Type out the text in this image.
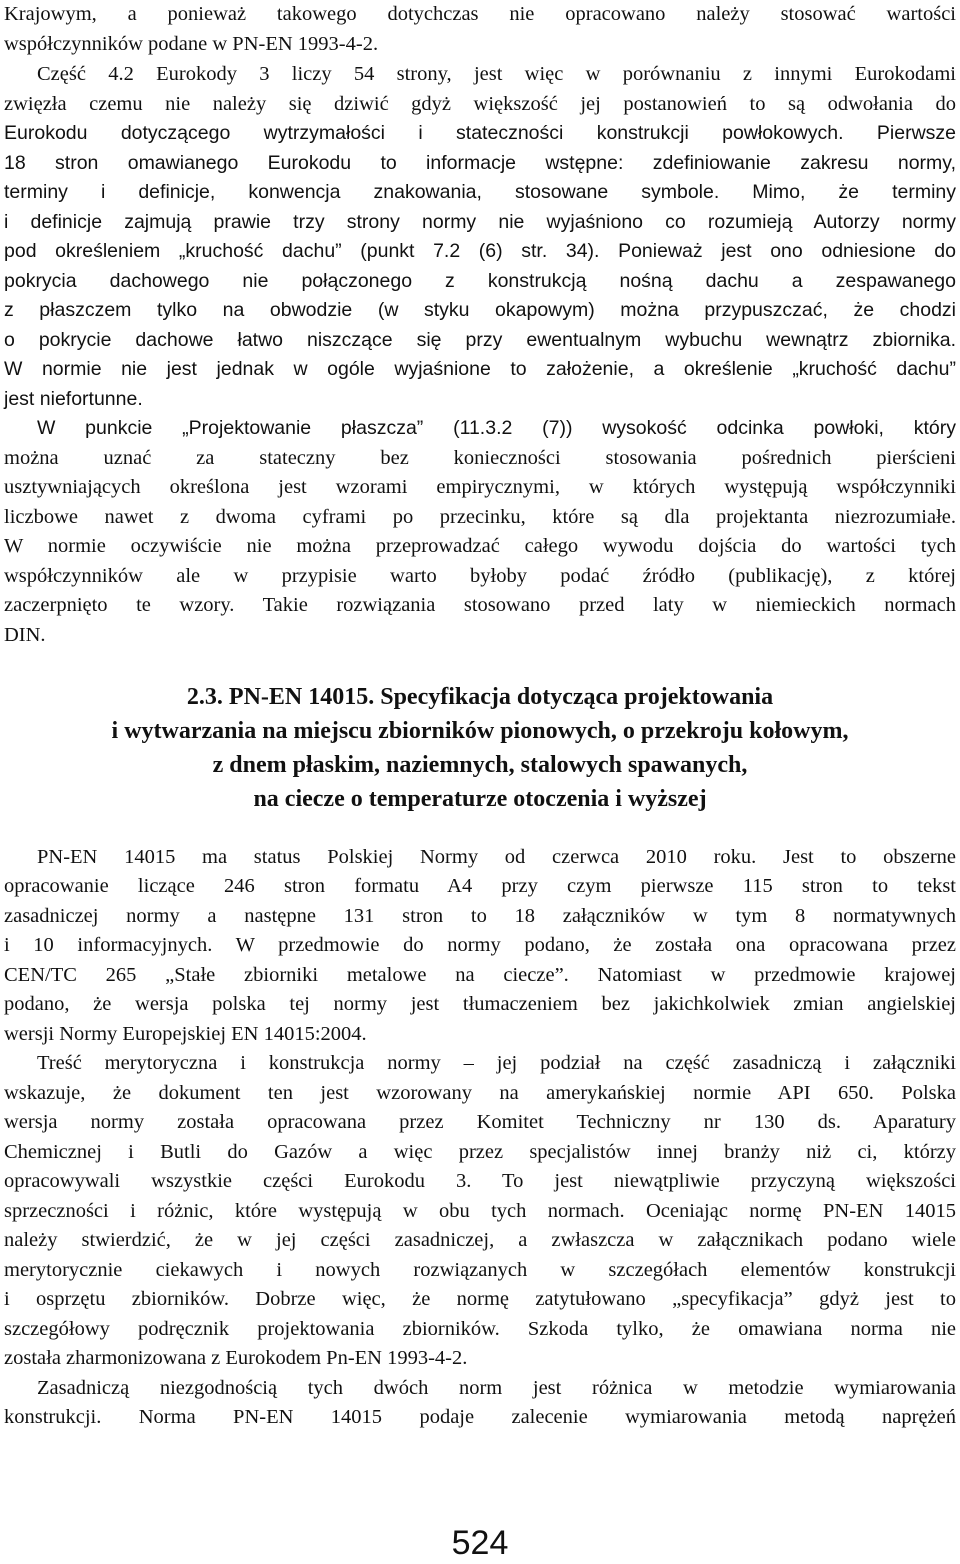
Krajowym, a ponieważ takowego dotychczas nie opracowano należy stosować wartości

współczynników podane w PN-EN 1993-4-2.

Część 4.2 Eurokody 3 liczy 54 strony, jest więc w porównaniu z innymi Eurokodami

zwięzła czemu nie należy się dziwić gdyż większość jej postanowień to są odwołania do

Eurokodu dotyczącego wytrzymałości i stateczności konstrukcji powłokowych. Pierwsze

18 stron omawianego Eurokodu to informacje wstępne: zdefiniowanie zakresu normy,

terminy i definicje, konwencja znakowania, stosowane symbole. Mimo, że terminy

i definicje zajmują prawie trzy strony normy nie wyjaśniono co rozumieją Autorzy normy

pod określeniem „kruchość dachu” (punkt 7.2 (6) str. 34). Ponieważ jest ono odniesione do

pokrycia dachowego nie połączonego z konstrukcją nośną dachu a zespawanego

z płaszczem tylko na obwodzie (w styku okapowym) można przypuszczać, że chodzi

o pokrycie dachowe łatwo niszczące się przy ewentualnym wybuchu wewnątrz zbiornika.

W normie nie jest jednak w ogóle wyjaśnione to założenie, a określenie „kruchość dachu”

jest niefortunne.

W punkcie „Projektowanie płaszcza” (11.3.2 (7)) wysokość odcinka powłoki, który

można uznać za stateczny bez konieczności stosowania pośrednich pierścieni

usztywniających określona jest wzorami empirycznymi, w których występują współczynniki

liczbowe nawet z dwoma cyframi po przecinku, które są dla projektanta niezrozumiałe.

W normie oczywiście nie można przeprowadzać całego wywodu dojścia do wartości tych

współczynników ale w przypisie warto byłoby podać źródło (publikację), z której

zaczerpnięto te wzory. Takie rozwiązania stosowano przed laty w niemieckich normach

DIN.

2.3. PN-EN 14015. Specyfikacja dotycząca projektowania
i wytwarzania na miejscu zbiorników pionowych, o przekroju kołowym,
z dnem płaskim, naziemnych, stalowych spawanych,
na ciecze o temperaturze otoczenia i wyższej

PN-EN 14015 ma status Polskiej Normy od czerwca 2010 roku. Jest to obszerne

opracowanie liczące 246 stron formatu A4 przy czym pierwsze 115 stron to tekst

zasadniczej normy a następne 131 stron to 18 załączników w tym 8 normatywnych

i 10 informacyjnych. W przedmowie do normy podano, że została ona opracowana przez

CEN/TC 265 „Stałe zbiorniki metalowe na ciecze”. Natomiast w przedmowie krajowej

podano, że wersja polska tej normy jest tłumaczeniem bez jakichkolwiek zmian angielskiej

wersji Normy Europejskiej EN 14015:2004.

Treść merytoryczna i konstrukcja normy – jej podział na część zasadniczą i załączniki

wskazuje, że dokument ten jest wzorowany na amerykańskiej normie API 650. Polska

wersja normy została opracowana przez Komitet Techniczny nr 130 ds. Aparatury

Chemicznej i Butli do Gazów a więc przez specjalistów innej branży niż ci, którzy

opracowywali wszystkie części Eurokodu 3. To jest niewątpliwie przyczyną większości

sprzeczności i różnic, które występują w obu tych normach. Oceniając normę PN-EN 14015

należy stwierdzić, że w jej części zasadniczej, a zwłaszcza w załącznikach podano wiele

merytorycznie ciekawych i nowych rozwiązanych w szczegółach elementów konstrukcji

i osprzętu zbiorników. Dobrze więc, że normę zatytułowano „specyfikacja” gdyż jest to

szczegółowy podręcznik projektowania zbiorników. Szkoda tylko, że omawiana norma nie

została zharmonizowana z Eurokodem Pn-EN 1993-4-2.

Zasadniczą niezgodnością tych dwóch norm jest różnica w metodzie wymiarowania

konstrukcji. Norma PN-EN 14015 podaje zalecenie wymiarowania metodą naprężeń

524
